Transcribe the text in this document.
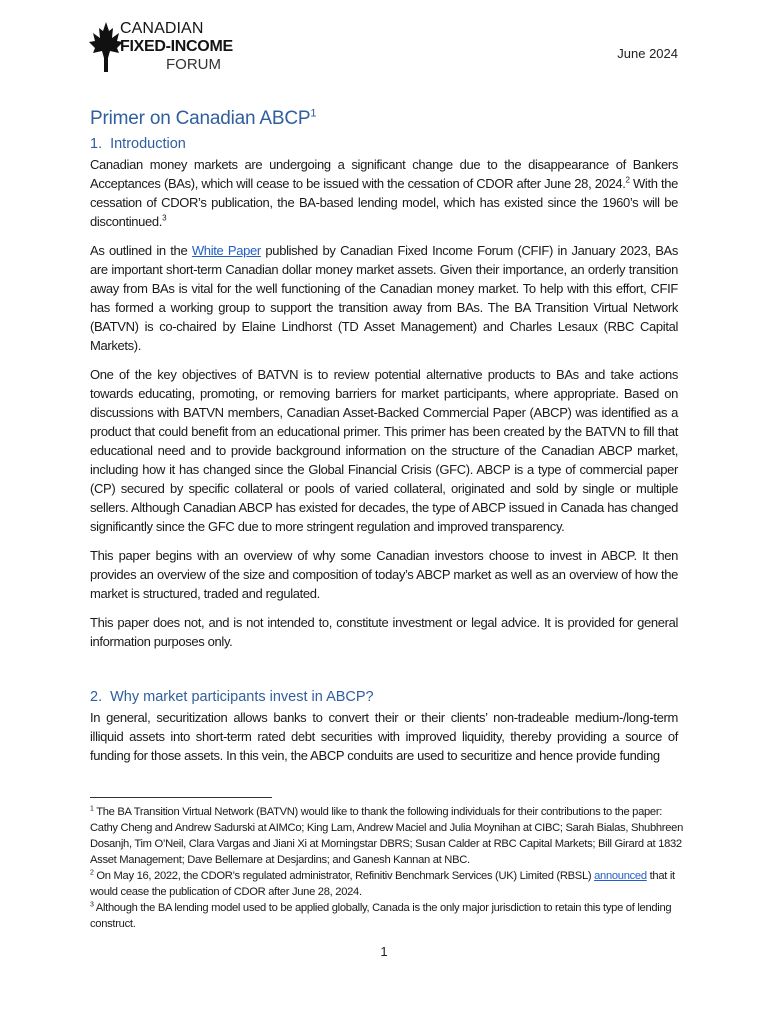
CANADIAN
FIXED-INCOME
FORUM
June 2024
Primer on Canadian ABCP$^1$
1. Introduction

Canadian money markets are undergoing a significant change due to the disappearance of Bankers Acceptances (BAs), which will cease to be issued with the cessation of CDOR after June 28, 2024.$^2$ With the cessation of CDOR’s publication, the BA-based lending model, which has existed since the 1960’s will be discontinued.$^3$

As outlined in the White Paper published by Canadian Fixed Income Forum (CFIF) in January 2023, BAs are important short-term Canadian dollar money market assets. Given their importance, an orderly transition away from BAs is vital for the well functioning of the Canadian money market. To help with this effort, CFIF has formed a working group to support the transition away from BAs. The BA Transition Virtual Network (BATVN) is co-chaired by Elaine Lindhorst (TD Asset Management) and Charles Lesaux (RBC Capital Markets).

One of the key objectives of BATVN is to review potential alternative products to BAs and take actions towards educating, promoting, or removing barriers for market participants, where appropriate. Based on discussions with BATVN members, Canadian Asset-Backed Commercial Paper (ABCP) was identified as a product that could benefit from an educational primer. This primer has been created by the BATVN to fill that educational need and to provide background information on the structure of the Canadian ABCP market, including how it has changed since the Global Financial Crisis (GFC). ABCP is a type of commercial paper (CP) secured by specific collateral or pools of varied collateral, originated and sold by single or multiple sellers. Although Canadian ABCP has existed for decades, the type of ABCP issued in Canada has changed significantly since the GFC due to more stringent regulation and improved transparency.

This paper begins with an overview of why some Canadian investors choose to invest in ABCP. It then provides an overview of the size and composition of today’s ABCP market as well as an overview of how the market is structured, traded and regulated.

This paper does not, and is not intended to, constitute investment or legal advice. It is provided for general information purposes only.

2. Why market participants invest in ABCP?

In general, securitization allows banks to convert their or their clients’ non-tradeable medium-/long-term illiquid assets into short-term rated debt securities with improved liquidity, thereby providing a source of funding for those assets. In this vein, the ABCP conduits are used to securitize and hence provide funding

$^1$ The BA Transition Virtual Network (BATVN) would like to thank the following individuals for their contributions to the paper: Cathy Cheng and Andrew Sadurski at AIMCo; King Lam, Andrew Maciel and Julia Moynihan at CIBC; Sarah Bialas, Shubhreen Dosanjh, Tim O’Neil, Clara Vargas and Jiani Xi at Morningstar DBRS; Susan Calder at RBC Capital Markets; Bill Girard at 1832 Asset Management; Dave Bellemare at Desjardins; and Ganesh Kannan at NBC.

$^2$ On May 16, 2022, the CDOR’s regulated administrator, Refinitiv Benchmark Services (UK) Limited (RBSL) announced that it would cease the publication of CDOR after June 28, 2024.

$^3$ Although the BA lending model used to be applied globally, Canada is the only major jurisdiction to retain this type of lending construct.

1
